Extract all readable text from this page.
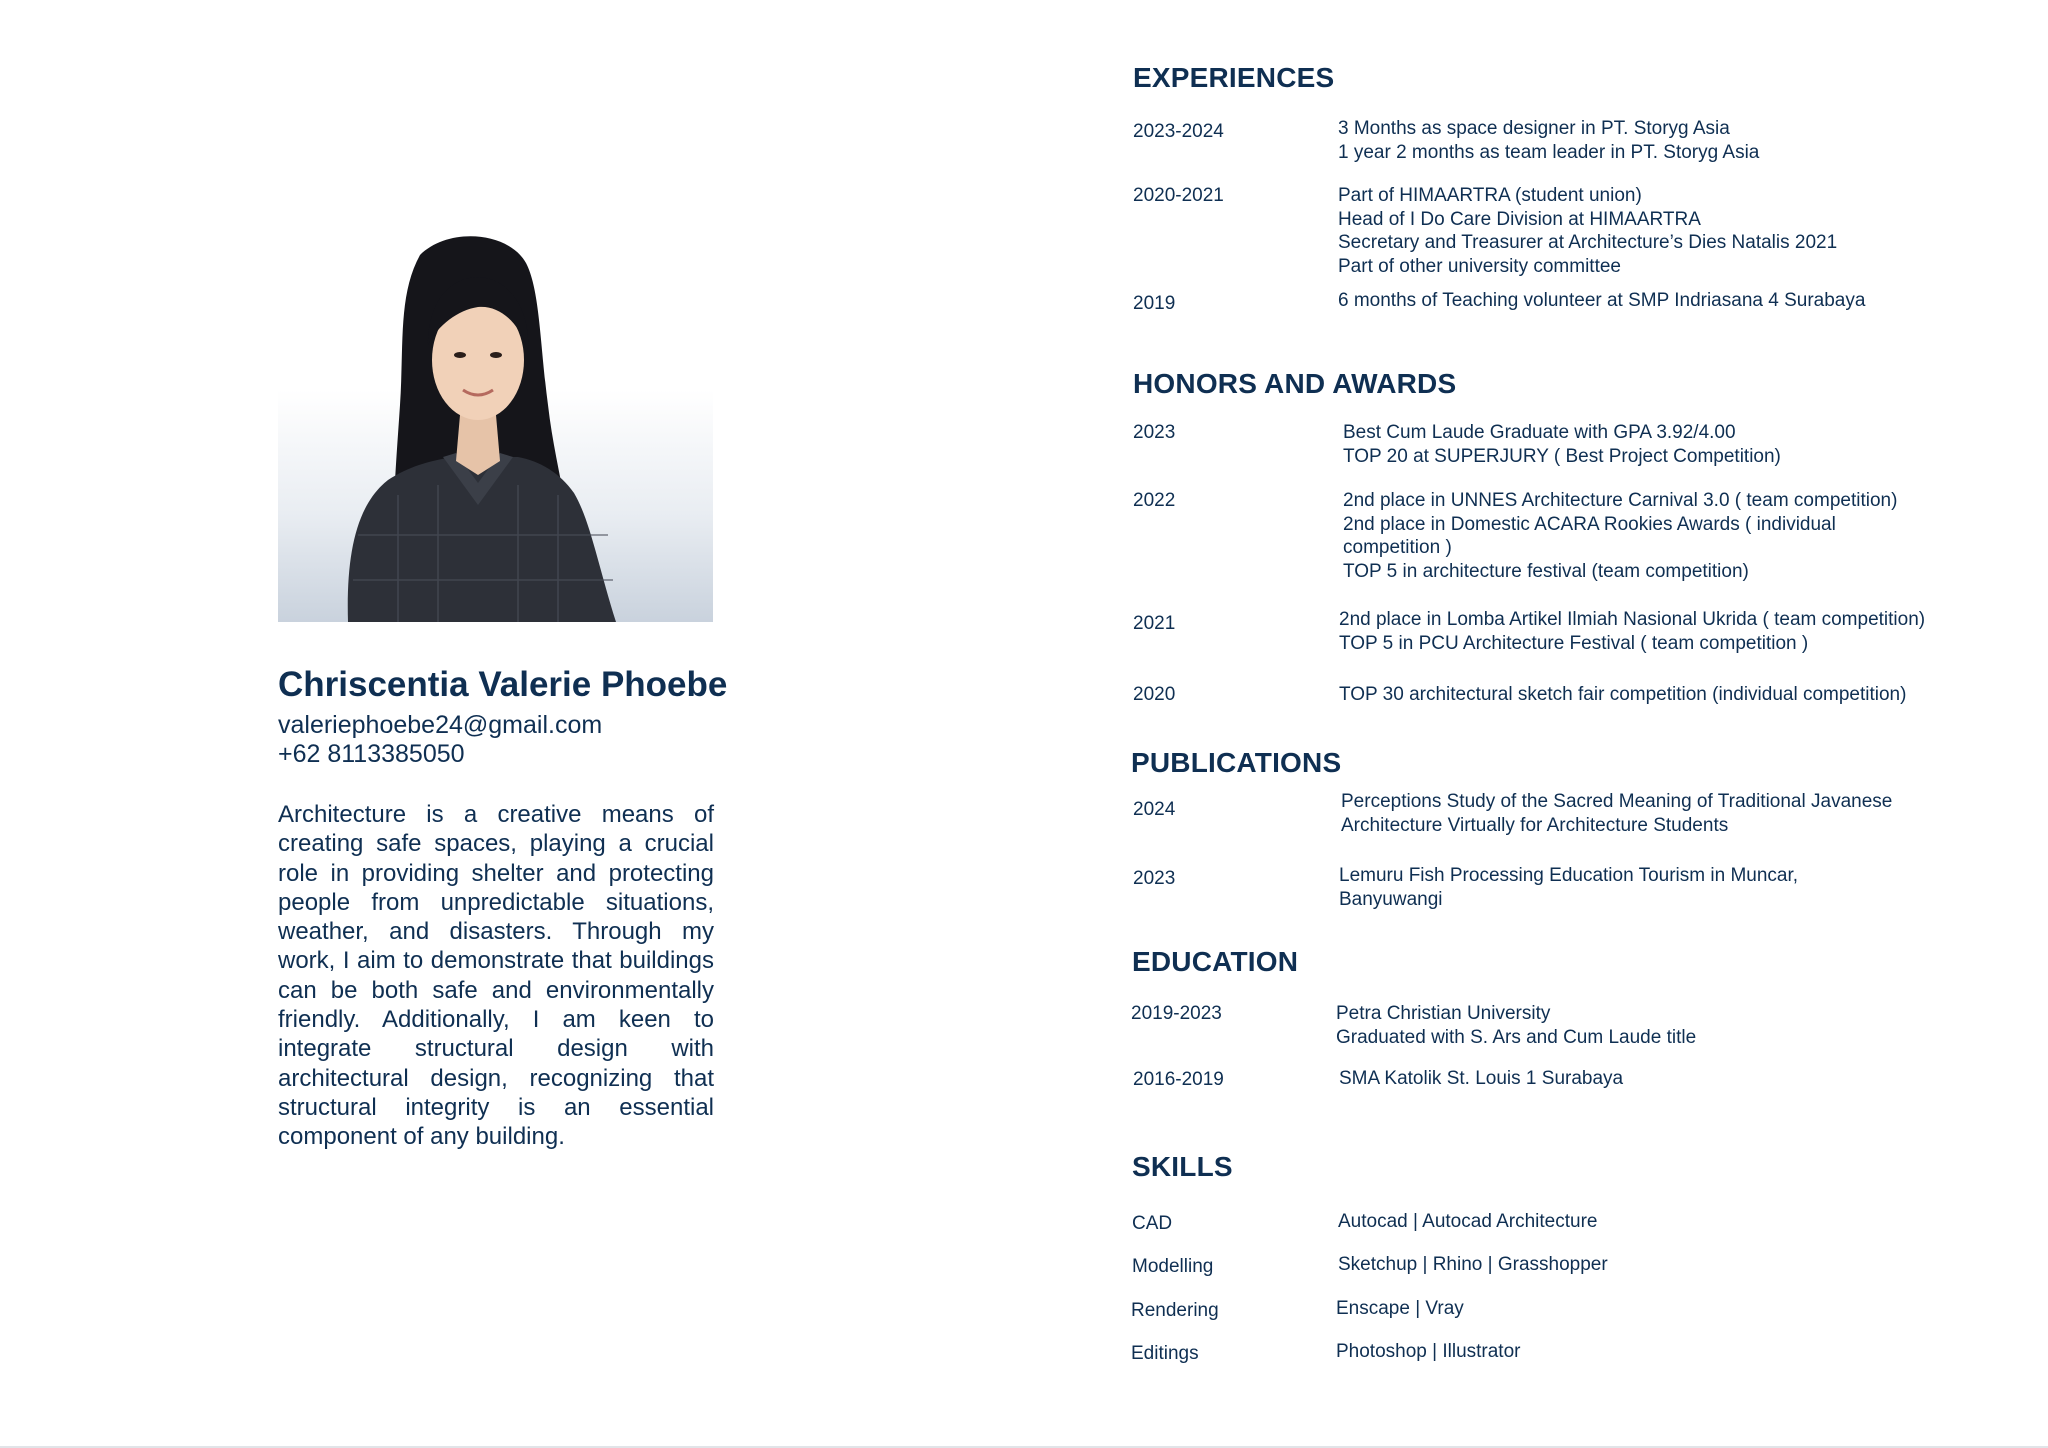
Chriscentia Valerie Phoebe
valeriephoebe24@gmail.com
+62 8113385050
Architecture is a creative means of creating safe spaces, playing a crucial role in providing shelter and protecting people from unpredictable situations, weather, and disasters. Through my work, I aim to demonstrate that buildings can be both safe and environmentally friendly. Additionally, I am keen to integrate structural design with architectural design, recognizing that structural integrity is an essential component of any building.
EXPERIENCES
2023-2024	3 Months as space designer in PT. Storyg Asia
1 year 2 months as team leader in PT. Storyg Asia
2020-2021	Part of HIMAARTRA (student union)
Head of I Do Care Division at HIMAARTRA
Secretary and Treasurer at Architecture’s Dies Natalis 2021
Part of other university committee
2019	6 months of Teaching volunteer at SMP Indriasana 4 Surabaya
HONORS AND AWARDS
2023	Best Cum Laude Graduate with GPA 3.92/4.00
TOP 20 at SUPERJURY ( Best Project Competition)
2022	2nd place in UNNES Architecture Carnival 3.0 ( team competition)
2nd place in Domestic ACARA Rookies Awards ( individual
competition )
TOP 5 in architecture festival (team competition)
2021	2nd place in Lomba Artikel Ilmiah Nasional Ukrida ( team competition)
TOP 5 in PCU Architecture Festival ( team competition )
2020	TOP 30 architectural sketch fair competition (individual competition)
PUBLICATIONS
2024	Perceptions Study of the Sacred Meaning of Traditional Javanese
Architecture Virtually for Architecture Students
2023	Lemuru Fish Processing Education Tourism in Muncar,
Banyuwangi
EDUCATION
2019-2023	Petra Christian University
Graduated with S. Ars and Cum Laude title
2016-2019	SMA Katolik St. Louis 1 Surabaya
SKILLS
CAD	Autocad | Autocad Architecture
Modelling	Sketchup | Rhino | Grasshopper
Rendering	Enscape | Vray
Editings	Photoshop | Illustrator
